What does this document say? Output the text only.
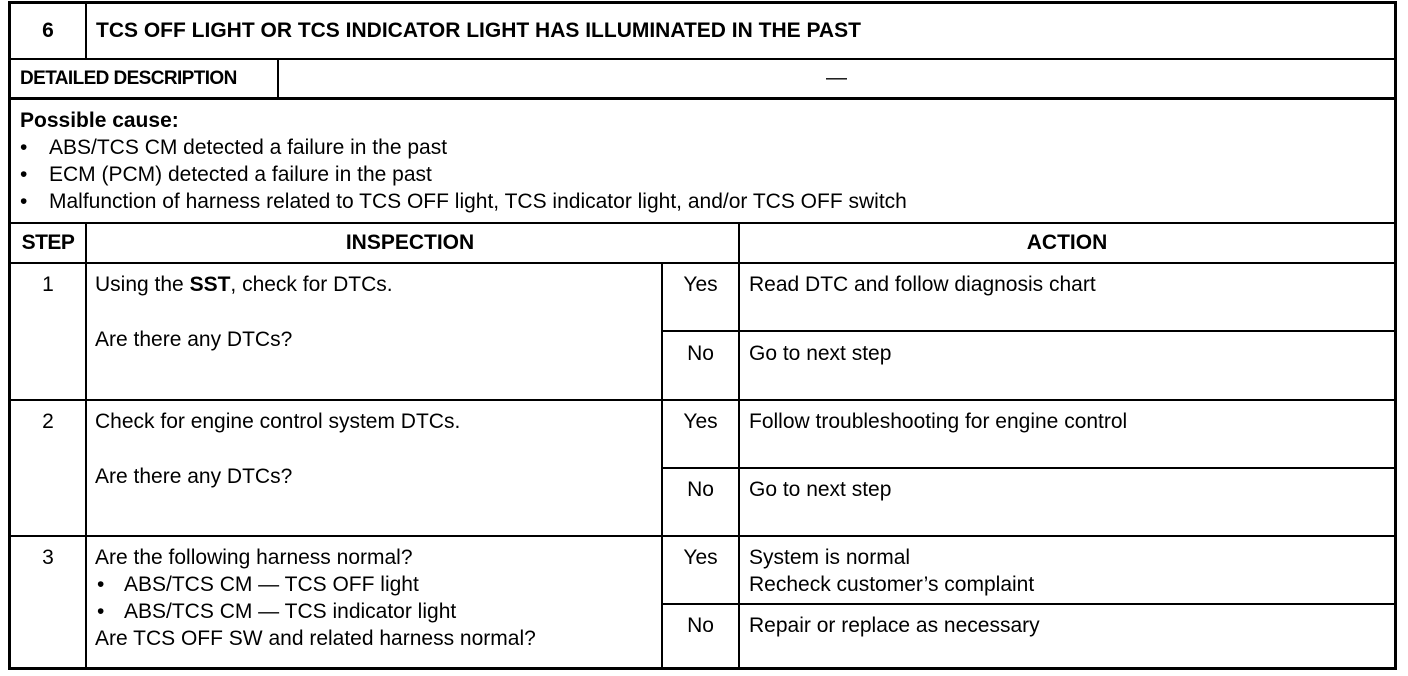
6	TCS OFF LIGHT OR TCS INDICATOR LIGHT HAS ILLUMINATED IN THE PAST
DETAILED DESCRIPTION	—
Possible cause:
• ABS/TCS CM detected a failure in the past
• ECM (PCM) detected a failure in the past
• Malfunction of harness related to TCS OFF light, TCS indicator light, and/or TCS OFF switch
STEP	INSPECTION	ACTION
1	Using the SST, check for DTCs.
Are there any DTCs?
Yes	Read DTC and follow diagnosis chart
No	Go to next step
2	Check for engine control system DTCs.
Are there any DTCs?
Yes	Follow troubleshooting for engine control
No	Go to next step
3	Are the following harness normal?
• ABS/TCS CM — TCS OFF light
• ABS/TCS CM — TCS indicator light
Are TCS OFF SW and related harness normal?
Yes	System is normal
Recheck customer’s complaint
No	Repair or replace as necessary
